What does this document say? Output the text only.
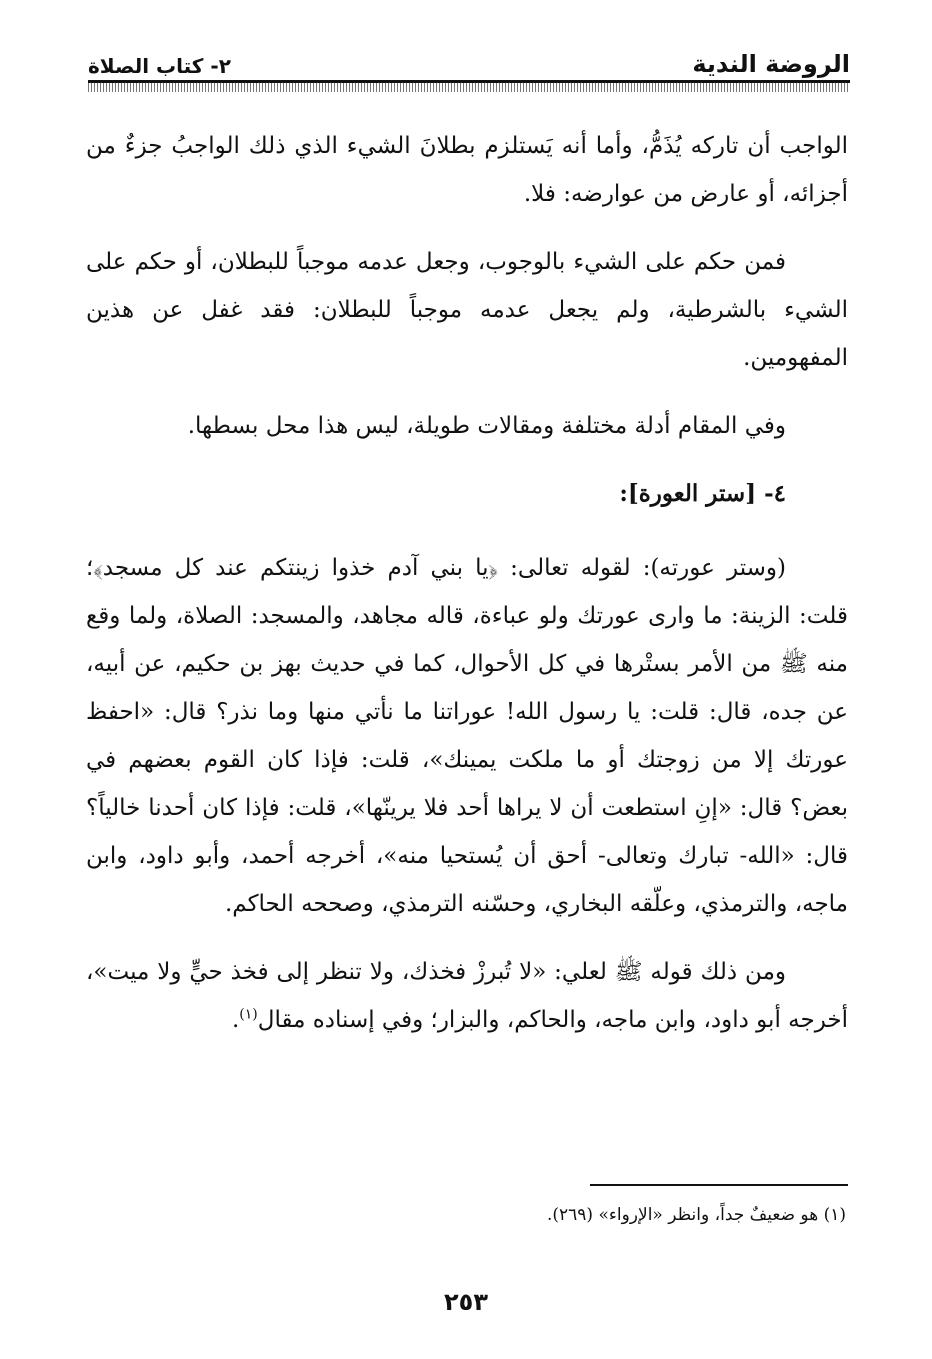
الروضة الندية
٢- كتاب الصلاة

الواجب أن تاركه يُذَمُّ، وأما أنه يَستلزم بطلانَ الشيء الذي ذلك الواجبُ جزءٌ من أجزائه، أو عارض من عوارضه: فلا.

فمن حكم على الشيء بالوجوب، وجعل عدمه موجباً للبطلان، أو حكم على الشيء بالشرطية، ولم يجعل عدمه موجباً للبطلان: فقد غفل عن هذين المفهومين.

وفي المقام أدلة مختلفة ومقالات طويلة، ليس هذا محل بسطها.

٤- [ستر العورة]:

(وستر عورته): لقوله تعالى: ﴿يا بني آدم خذوا زينتكم عند كل مسجد﴾؛ قلت: الزينة: ما وارى عورتك ولو عباءة، قاله مجاهد، والمسجد: الصلاة، ولما وقع منه ﷺ من الأمر بستْرها في كل الأحوال، كما في حديث بهز بن حكيم، عن أبيه، عن جده، قال: قلت: يا رسول الله! عوراتنا ما نأتي منها وما نذر؟ قال: «احفظ عورتك إلا من زوجتك أو ما ملكت يمينك»، قلت: فإذا كان القوم بعضهم في بعض؟ قال: «إنِ استطعت أن لا يراها أحد فلا يرينّها»، قلت: فإذا كان أحدنا خالياً؟ قال: «الله- تبارك وتعالى- أحق أن يُستحيا منه»، أخرجه أحمد، وأبو داود، وابن ماجه، والترمذي، وعلّقه البخاري، وحسّنه الترمذي، وصححه الحاكم.

ومن ذلك قوله ﷺ لعلي: «لا تُبرزْ فخذك، ولا تنظر إلى فخذ حيٍّ ولا ميت»، أخرجه أبو داود، وابن ماجه، والحاكم، والبزار؛ وفي إسناده مقال$^{(١)}$.

(١) هو ضعيفٌ جداً، وانظر «الإرواء» (٢٦٩).
٢٥٣
